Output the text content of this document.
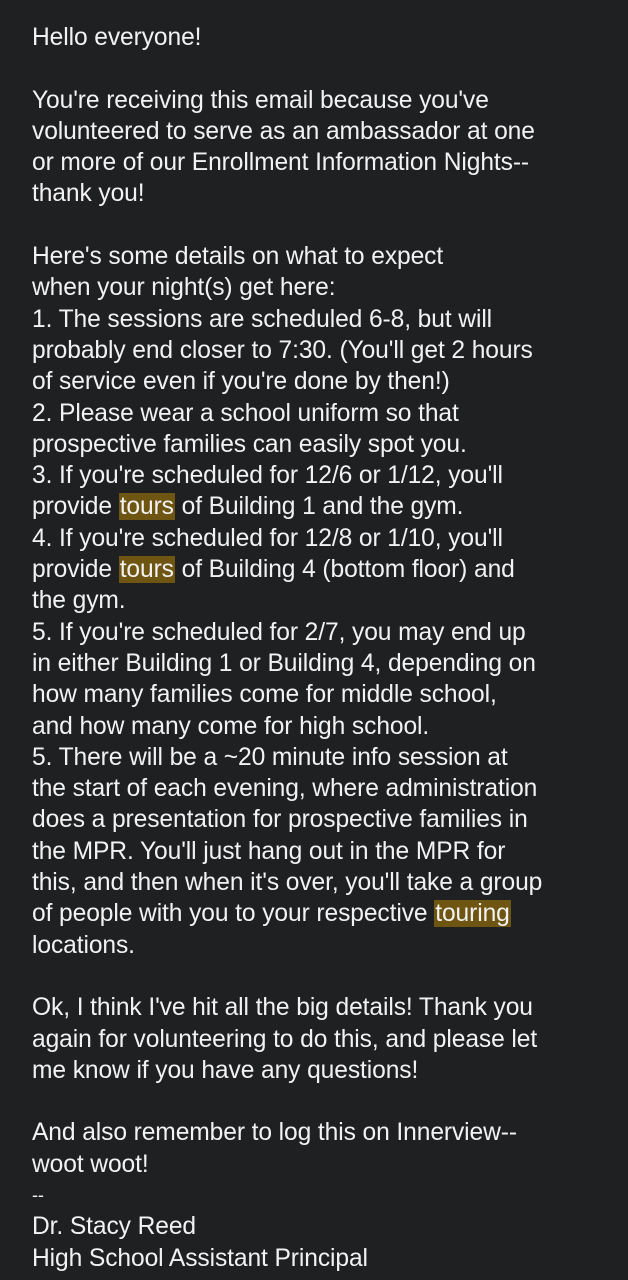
Hello everyone!
You're receiving this email because you've
volunteered to serve as an ambassador at one
or more of our Enrollment Information Nights--
thank you!
Here's some details on what to expect
when your night(s) get here:
1. The sessions are scheduled 6-8, but will
probably end closer to 7:30. (You'll get 2 hours
of service even if you're done by then!)
2. Please wear a school uniform so that
prospective families can easily spot you.
3. If you're scheduled for 12/6 or 1/12, you'll
provide tours of Building 1 and the gym.
4. If you're scheduled for 12/8 or 1/10, you'll
provide tours of Building 4 (bottom floor) and
the gym.
5. If you're scheduled for 2/7, you may end up
in either Building 1 or Building 4, depending on
how many families come for middle school,
and how many come for high school.
5. There will be a ~20 minute info session at
the start of each evening, where administration
does a presentation for prospective families in
the MPR. You'll just hang out in the MPR for
this, and then when it's over, you'll take a group
of people with you to your respective touring
locations.
Ok, I think I've hit all the big details! Thank you
again for volunteering to do this, and please let
me know if you have any questions!
And also remember to log this on Innerview--
woot woot!
--
Dr. Stacy Reed
High School Assistant Principal
